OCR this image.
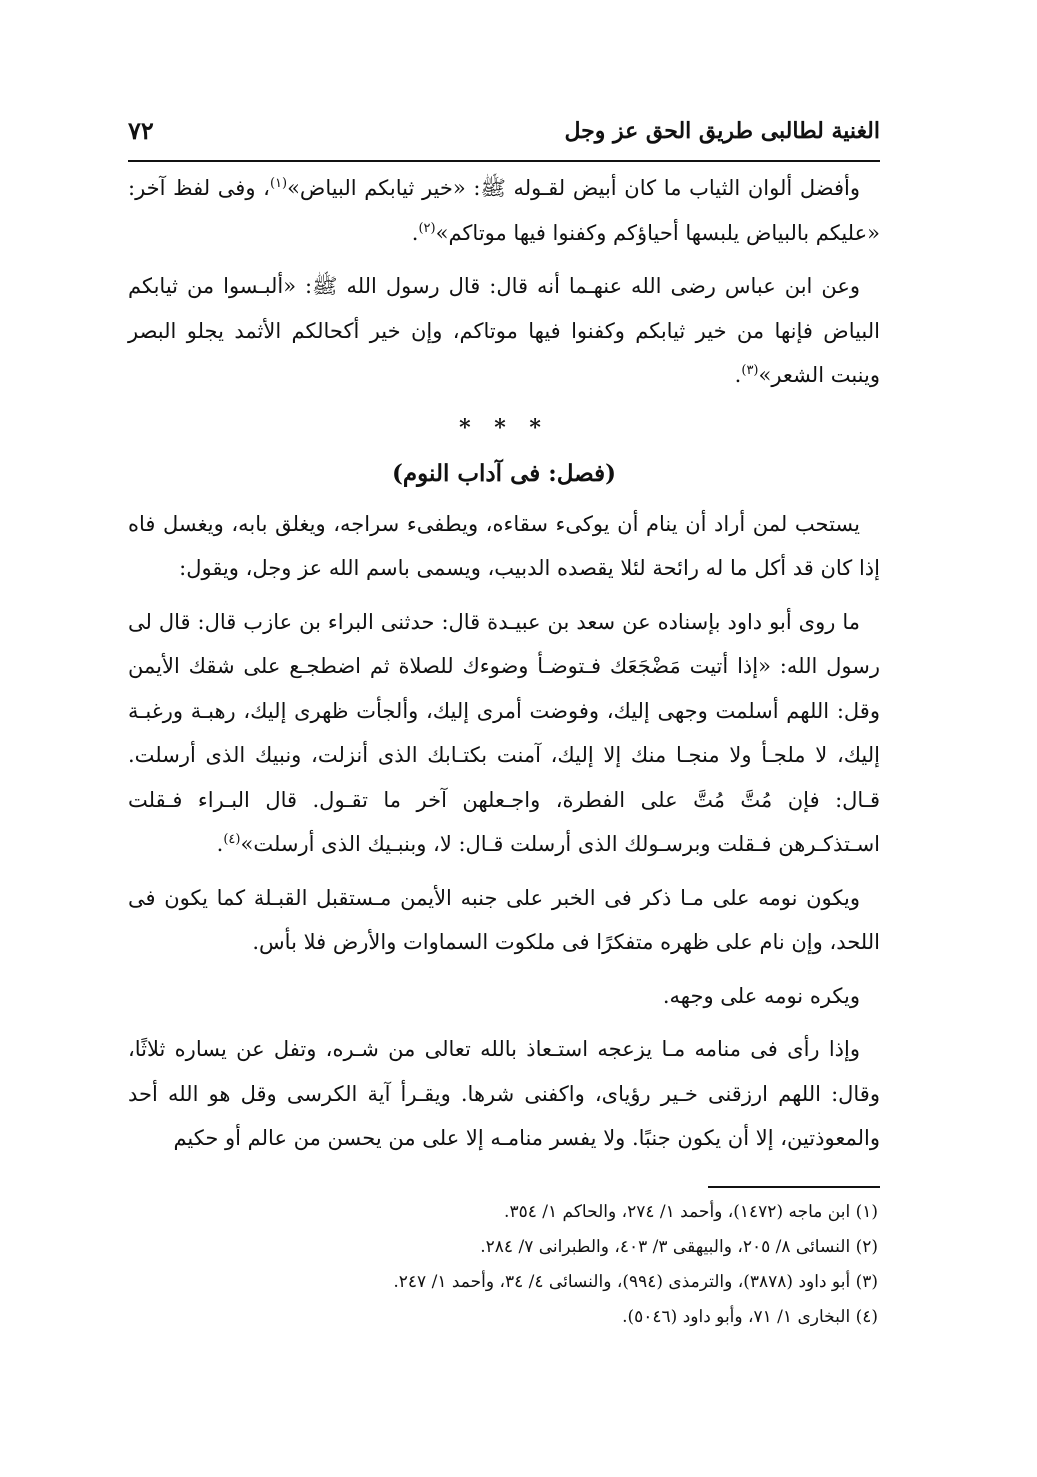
الغنية لطالبى طريق الحق عز وجل
٧٢

وأفضل ألوان الثياب ما كان أبيض لقـوله ﷺ: «خير ثيابكم البياض»$^{(١)}$، وفى لفظ آخر: «عليكم بالبياض يلبسها أحياؤكم وكفنوا فيها موتاكم»$^{(٢)}$.

وعن ابن عباس رضى الله عنهـما أنه قال: قال رسول الله ﷺ: «ألبـسوا من ثيابكم البياض فإنها من خير ثيابكم وكفنوا فيها موتاكم، وإن خير أكحالكم الأثمد يجلو البصر وينبت الشعر»$^{(٣)}$.

* * *
(فصل: فى آداب النوم)

يستحب لمن أراد أن ينام أن يوكىء سقاءه، ويطفىء سراجه، ويغلق بابه، ويغسل فاه إذا كان قد أكل ما له رائحة لئلا يقصده الدبيب، ويسمى باسم الله عز وجل، ويقول:

ما روى أبو داود بإسناده عن سعد بن عبيـدة قال: حدثنى البراء بن عازب قال: قال لى رسول الله: «إذا أتيت مَضْجَعَك فـتوضـأ وضوءك للصلاة ثم اضطجـع على شقك الأيمن وقل: اللهم أسلمت وجهى إليك، وفوضت أمرى إليك، وألجأت ظهرى إليك، رهبـة ورغبـة إليك، لا ملجـأ ولا منجـا منك إلا إليك، آمنت بكتـابك الذى أنزلت، ونبيك الذى أرسلت. قـال: فإن مُتَّ مُتَّ على الفطرة، واجـعلهن آخر ما تقـول. قال البـراء فـقلت اسـتذكـرهن فـقلت وبرسـولك الذى أرسلت قـال: لا، وبنبـيك الذى أرسلت»$^{(٤)}$.

ويكون نومه على مـا ذكر فى الخبر على جنبه الأيمن مـستقبل القبـلة كما يكون فى اللحد، وإن نام على ظهره متفكرًا فى ملكوت السماوات والأرض فلا بأس.

ويكره نومه على وجهه.

وإذا رأى فى منامه مـا يزعجه استـعاذ بالله تعالى من شـره، وتفل عن يساره ثلاثًا، وقال: اللهم ارزقنى خـير رؤياى، واكفنى شرها. ويقـرأ آية الكرسى وقل هو الله أحد والمعوذتين، إلا أن يكون جنبًا. ولا يفسر منامـه إلا على من يحسن من عالم أو حكيم

(١) ابن ماجه (١٤٧٢)، وأحمد ١/ ٢٧٤، والحاكم ١/ ٣٥٤.

(٢) النسائى ٨/ ٢٠٥، والبيهقى ٣/ ٤٠٣، والطبرانى ٧/ ٢٨٤.

(٣) أبو داود (٣٨٧٨)، والترمذى (٩٩٤)، والنسائى ٤/ ٣٤، وأحمد ١/ ٢٤٧.

(٤) البخارى ١/ ٧١، وأبو داود (٥٠٤٦).
